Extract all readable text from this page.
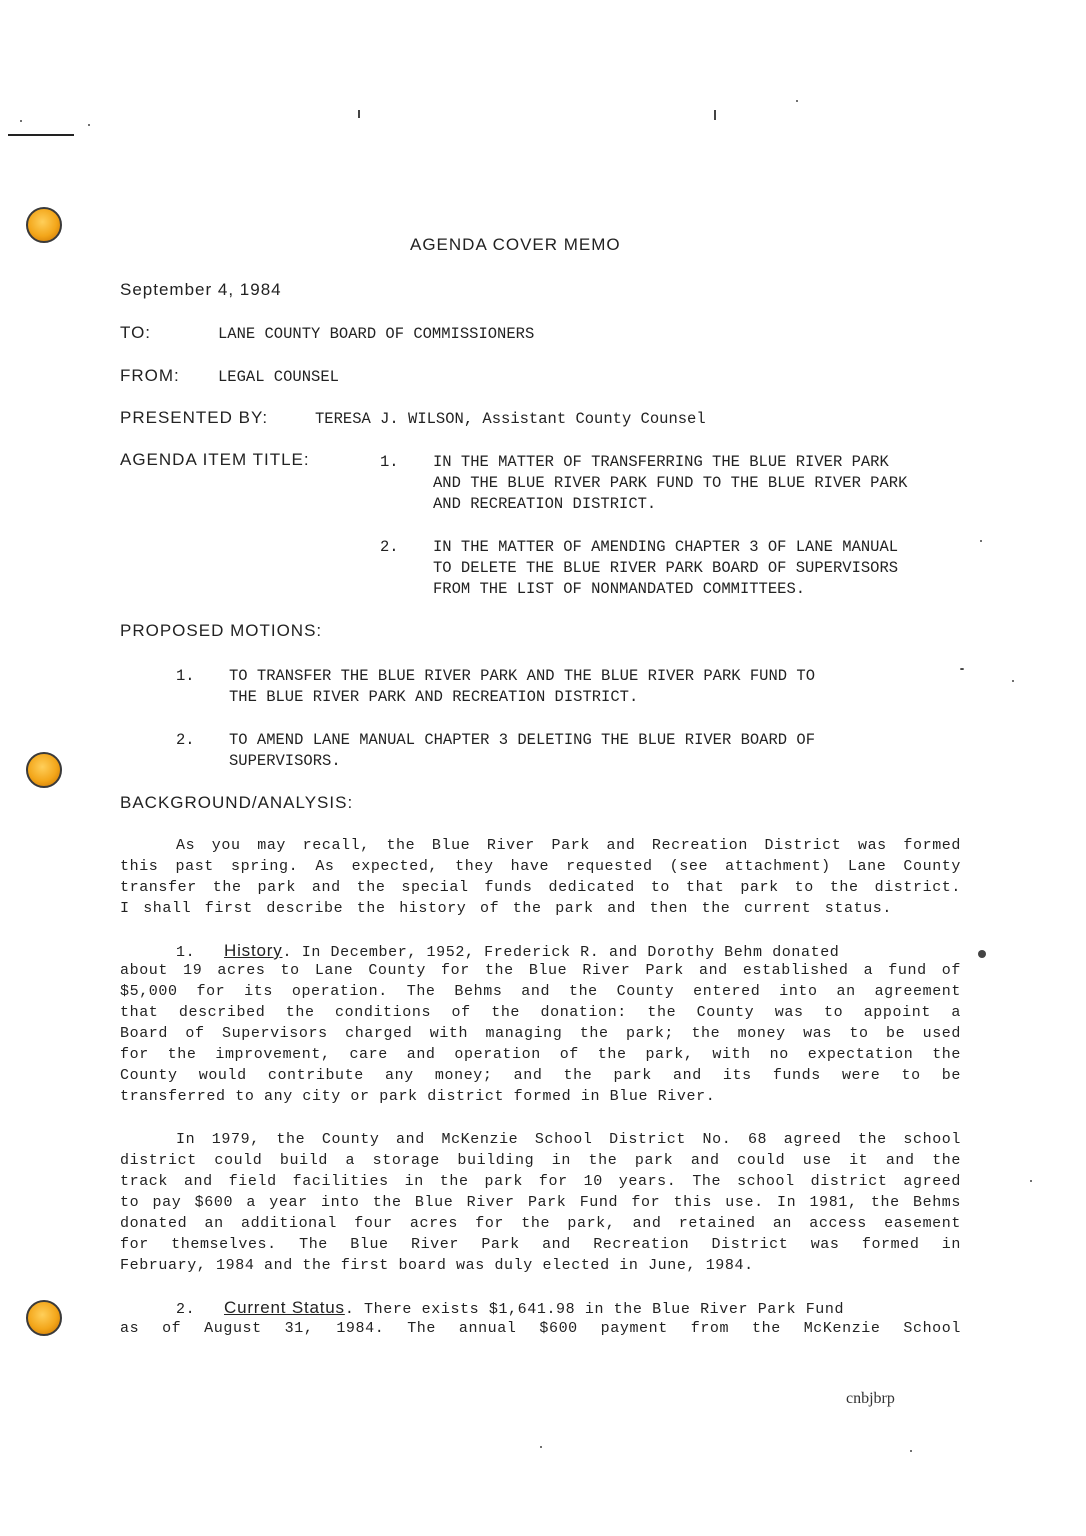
AGENDA COVER MEMO
September 4, 1984
TO:	LANE COUNTY BOARD OF COMMISSIONERS
FROM: LEGAL COUNSEL
PRESENTED BY:	TERESA J. WILSON, Assistant County Counsel
AGENDA ITEM TITLE:	1. IN THE MATTER OF TRANSFERRING THE BLUE RIVER PARK
AND THE BLUE RIVER PARK FUND TO THE BLUE RIVER PARK
AND RECREATION DISTRICT.
2. IN THE MATTER OF AMENDING CHAPTER 3 OF LANE MANUAL
TO DELETE THE BLUE RIVER PARK BOARD OF SUPERVISORS
FROM THE LIST OF NONMANDATED COMMITTEES.
PROPOSED MOTIONS:
1. TO TRANSFER THE BLUE RIVER PARK AND THE BLUE RIVER PARK FUND TO
THE BLUE RIVER PARK AND RECREATION DISTRICT.
2. TO AMEND LANE MANUAL CHAPTER 3 DELETING THE BLUE RIVER BOARD OF
SUPERVISORS.
BACKGROUND/ANALYSIS:
As you may recall, the Blue River Park and Recreation District was formed
this past spring. As expected, they have requested (see attachment) Lane County
transfer the park and the special funds dedicated to that park to the district.
I shall first describe the history of the park and then the current status.
1. History. In December, 1952, Frederick R. and Dorothy Behm donated
about 19 acres to Lane County for the Blue River Park and established a fund of
$5,000 for its operation. The Behms and the County entered into an agreement
that described the conditions of the donation: the County was to appoint a
Board of Supervisors charged with managing the park; the money was to be used
for the improvement, care and operation of the park, with no expectation the
County would contribute any money; and the park and its funds were to be
transferred to any city or park district formed in Blue River.
In 1979, the County and McKenzie School District No. 68 agreed the school
district could build a storage building in the park and could use it and the
track and field facilities in the park for 10 years. The school district agreed
to pay $600 a year into the Blue River Park Fund for this use. In 1981, the Behms
donated an additional four acres for the park, and retained an access easement
for themselves. The Blue River Park and Recreation District was formed in
February, 1984 and the first board was duly elected in June, 1984.
2. Current Status. There exists $1,641.98 in the Blue River Park Fund
as of August 31, 1984. The annual $600 payment from the McKenzie School
cnbjbrp
